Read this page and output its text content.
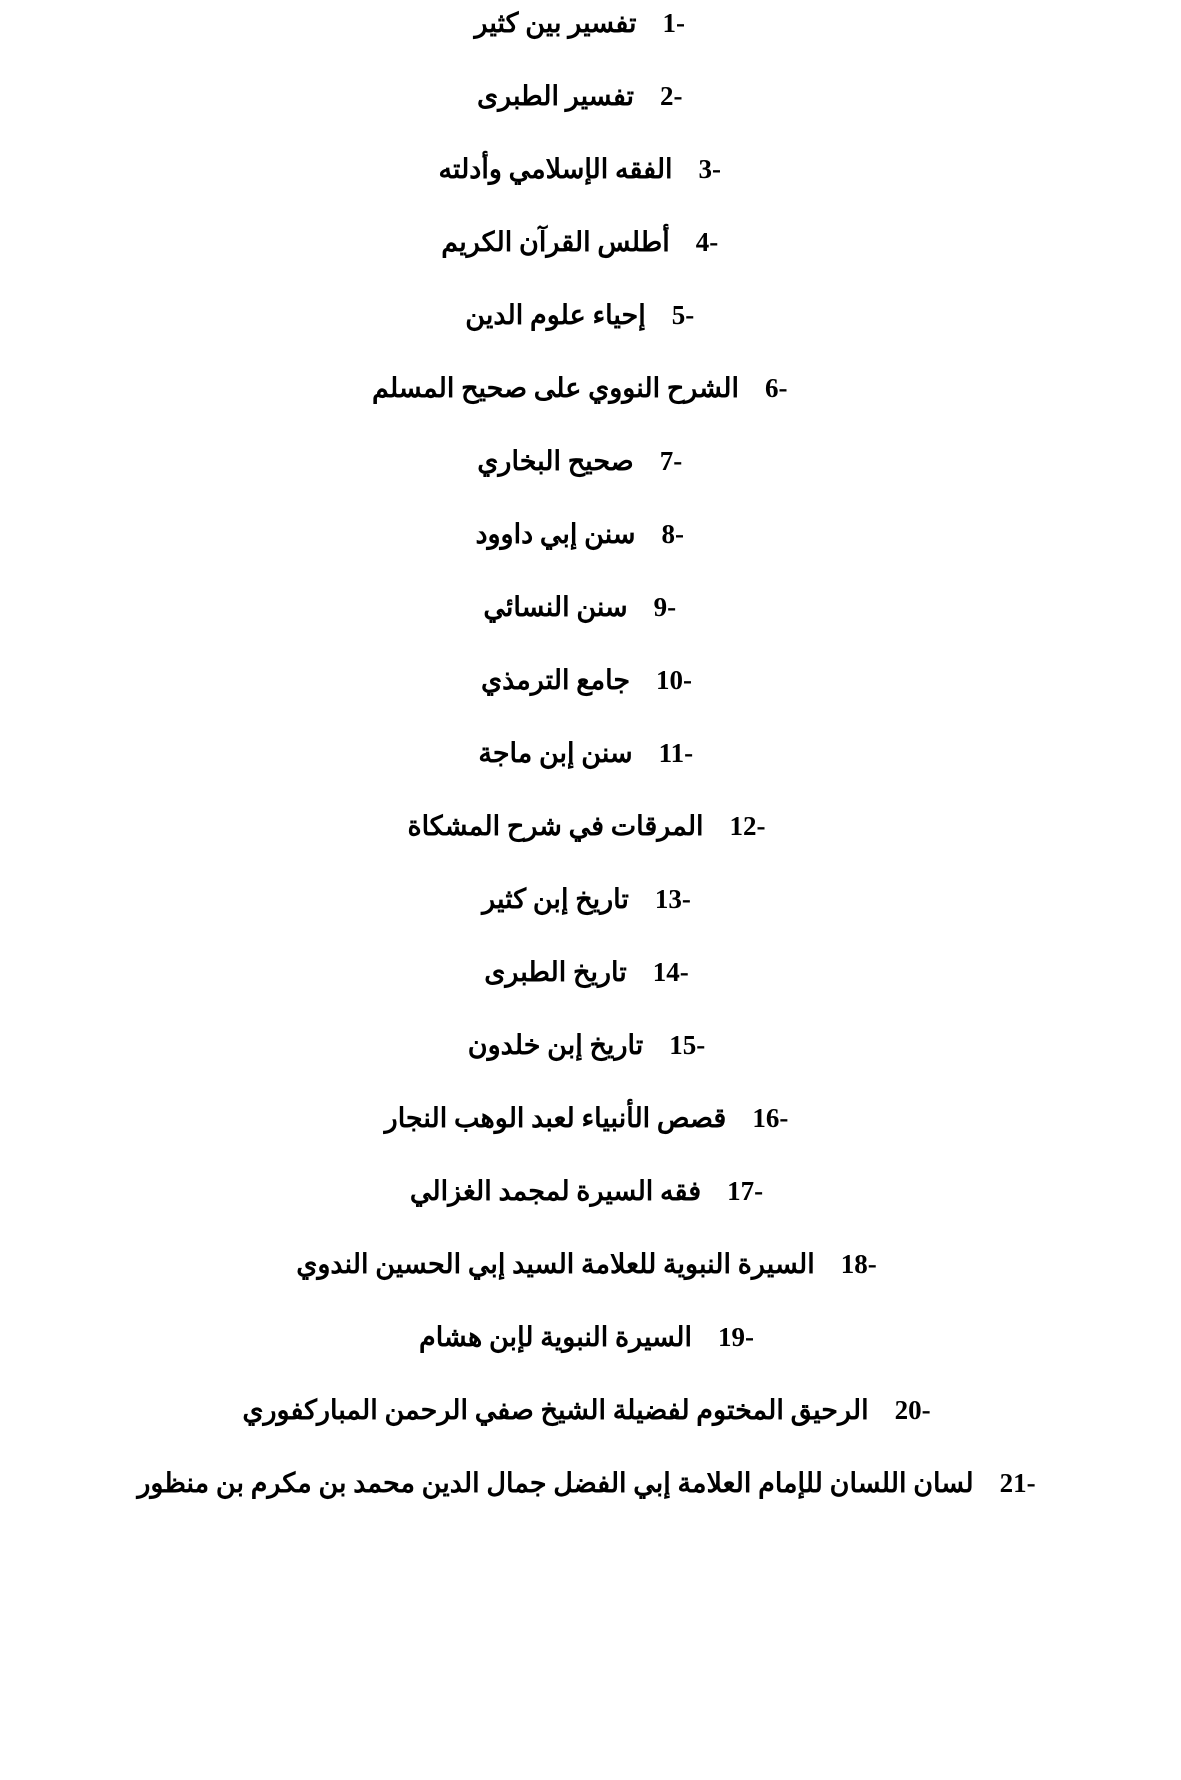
1-
تفسير بين كثير
2-
تفسير الطبرى
3-
الفقه الإسلامي وأدلته
4-
أطلس القرآن الكريم
5-
إحياء علوم الدين
6-
الشرح النووي على صحيح المسلم
7-
صحيح البخاري
8-
سنن إبي داوود
9-
سنن النسائي
10-
جامع الترمذي
11-
سنن إبن ماجة
12-
المرقات في شرح المشكاة
13-
تاريخ إبن كثير
14-
تاريخ الطبرى
15-
تاريخ إبن خلدون
16-
قصص الأنبياء لعبد الوهب النجار
17-
فقه السيرة لمجمد الغزالي
18-
السيرة النبوية للعلامة السيد إبي الحسين الندوي
19-
السيرة النبوية لإبن هشام
20-
الرحيق المختوم لفضيلة الشيخ صفي الرحمن المباركفوري
21-
لسان اللسان للإمام العلامة إبي الفضل جمال الدين محمد بن مكرم بن منظور
